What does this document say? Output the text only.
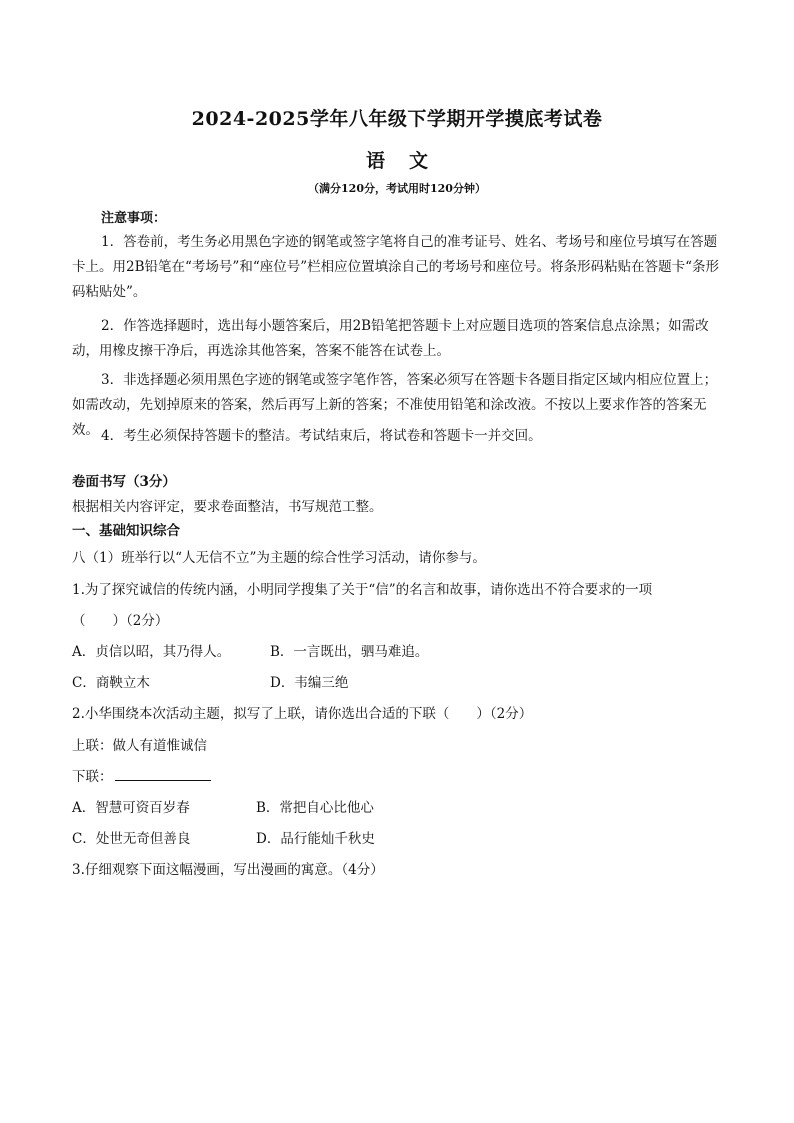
2024-2025学年八年级下学期开学摸底考试卷
语文
（满分120分，考试用时120分钟）
注意事项：

1．答卷前，考生务必用黑色字迹的钢笔或签字笔将自己的准考证号、姓名、考场号和座位号填写在答题卡上。用2B铅笔在“考场号”和“座位号”栏相应位置填涂自己的考场号和座位号。将条形码粘贴在答题卡“条形码粘贴处”。

2．作答选择题时，选出每小题答案后，用2B铅笔把答题卡上对应题目选项的答案信息点涂黑；如需改动，用橡皮擦干净后，再选涂其他答案，答案不能答在试卷上。

3．非选择题必须用黑色字迹的钢笔或签字笔作答，答案必须写在答题卡各题目指定区域内相应位置上；如需改动，先划掉原来的答案，然后再写上新的答案；不准使用铅笔和涂改液。不按以上要求作答的答案无效。 4．考生必须保持答题卡的整洁。考试结束后，将试卷和答题卡一并交回。

卷面书写（3分）
根据相关内容评定，要求卷面整洁，书写规范工整。
一、基础知识综合
八（1）班举行以“人无信不立”为主题的综合性学习活动，请你参与。
1.为了探究诚信的传统内涵，小明同学搜集了关于“信”的名言和故事，请你选出不符合要求的一项
（　　）（2分）
A．贞信以昭，其乃得人。	B．一言既出，驷马难追。
C．商鞅立木	D．韦编三绝
2.小华围绕本次活动主题，拟写了上联，请你选出合适的下联（　　）（2分）
上联：做人有道惟诚信
下联：
A．智慧可资百岁春	B．常把自心比他心
C．处世无奇但善良	D．品行能灿千秋史
3.仔细观察下面这幅漫画，写出漫画的寓意。（4分）
